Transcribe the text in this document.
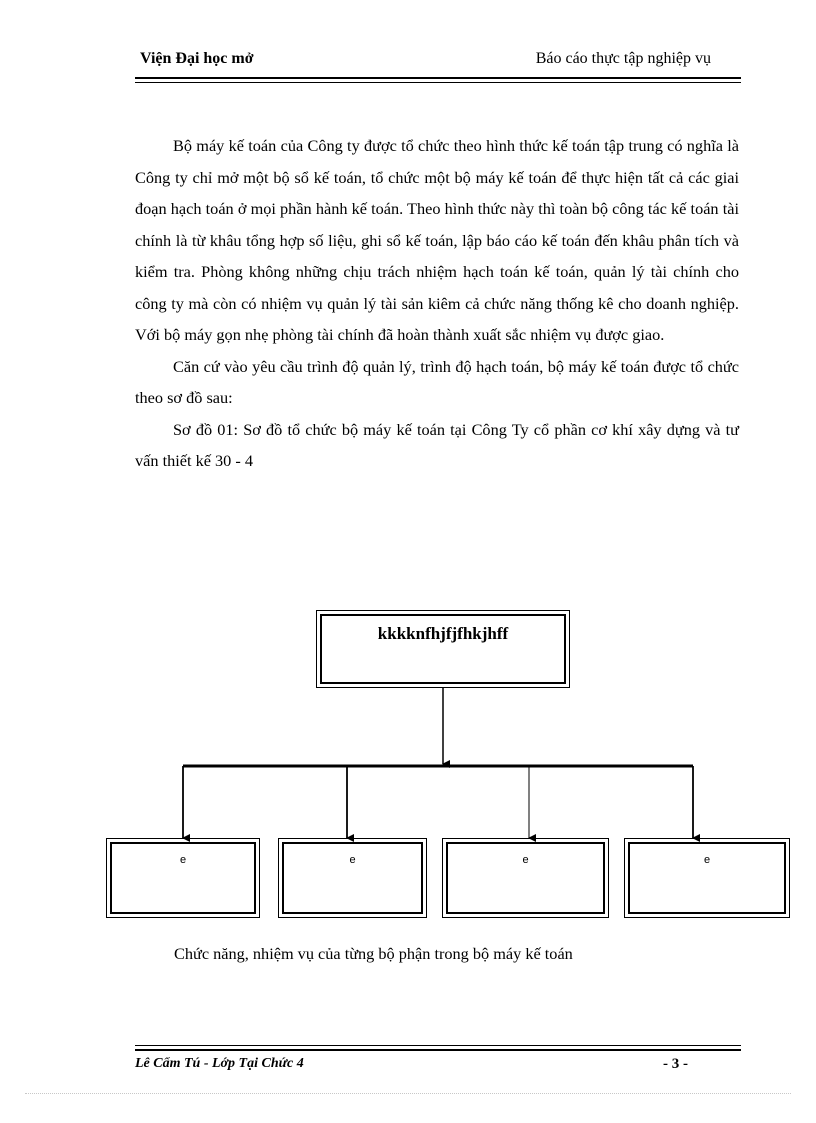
Viện Đại học mở	Báo cáo thực tập nghiệp vụ

Bộ máy kế toán của Công ty được tổ chức theo hình thức kế toán tập trung có nghĩa là Công ty chỉ mở một bộ sổ kế toán, tổ chức một bộ máy kế toán để thực hiện tất cả các giai đoạn hạch toán ở mọi phần hành kế toán. Theo hình thức này thì toàn bộ công tác kế toán tài chính là từ khâu tổng hợp số liệu, ghi sổ kế toán, lập báo cáo kế toán đến khâu phân tích và kiểm tra. Phòng không những chịu trách nhiệm hạch toán kế toán, quản lý tài chính cho công ty mà còn có nhiệm vụ quản lý tài sản kiêm cả chức năng thống kê cho doanh nghiệp. Với bộ máy gọn nhẹ phòng tài chính đã hoàn thành xuất sắc nhiệm vụ được giao.

Căn cứ vào yêu cầu trình độ quản lý, trình độ hạch toán, bộ máy kế toán được tổ chức theo sơ đồ sau:

Sơ đồ 01: Sơ đồ tổ chức bộ máy kế toán tại Công Ty cổ phần cơ khí xây dựng và tư vấn thiết kế 30 - 4

kkkknfhjfjfhkjhff
e	e	e	e
Chức năng, nhiệm vụ của từng bộ phận trong bộ máy kế toán
Lê Cẩm Tú - Lớp Tại Chức 4	- 3 -
